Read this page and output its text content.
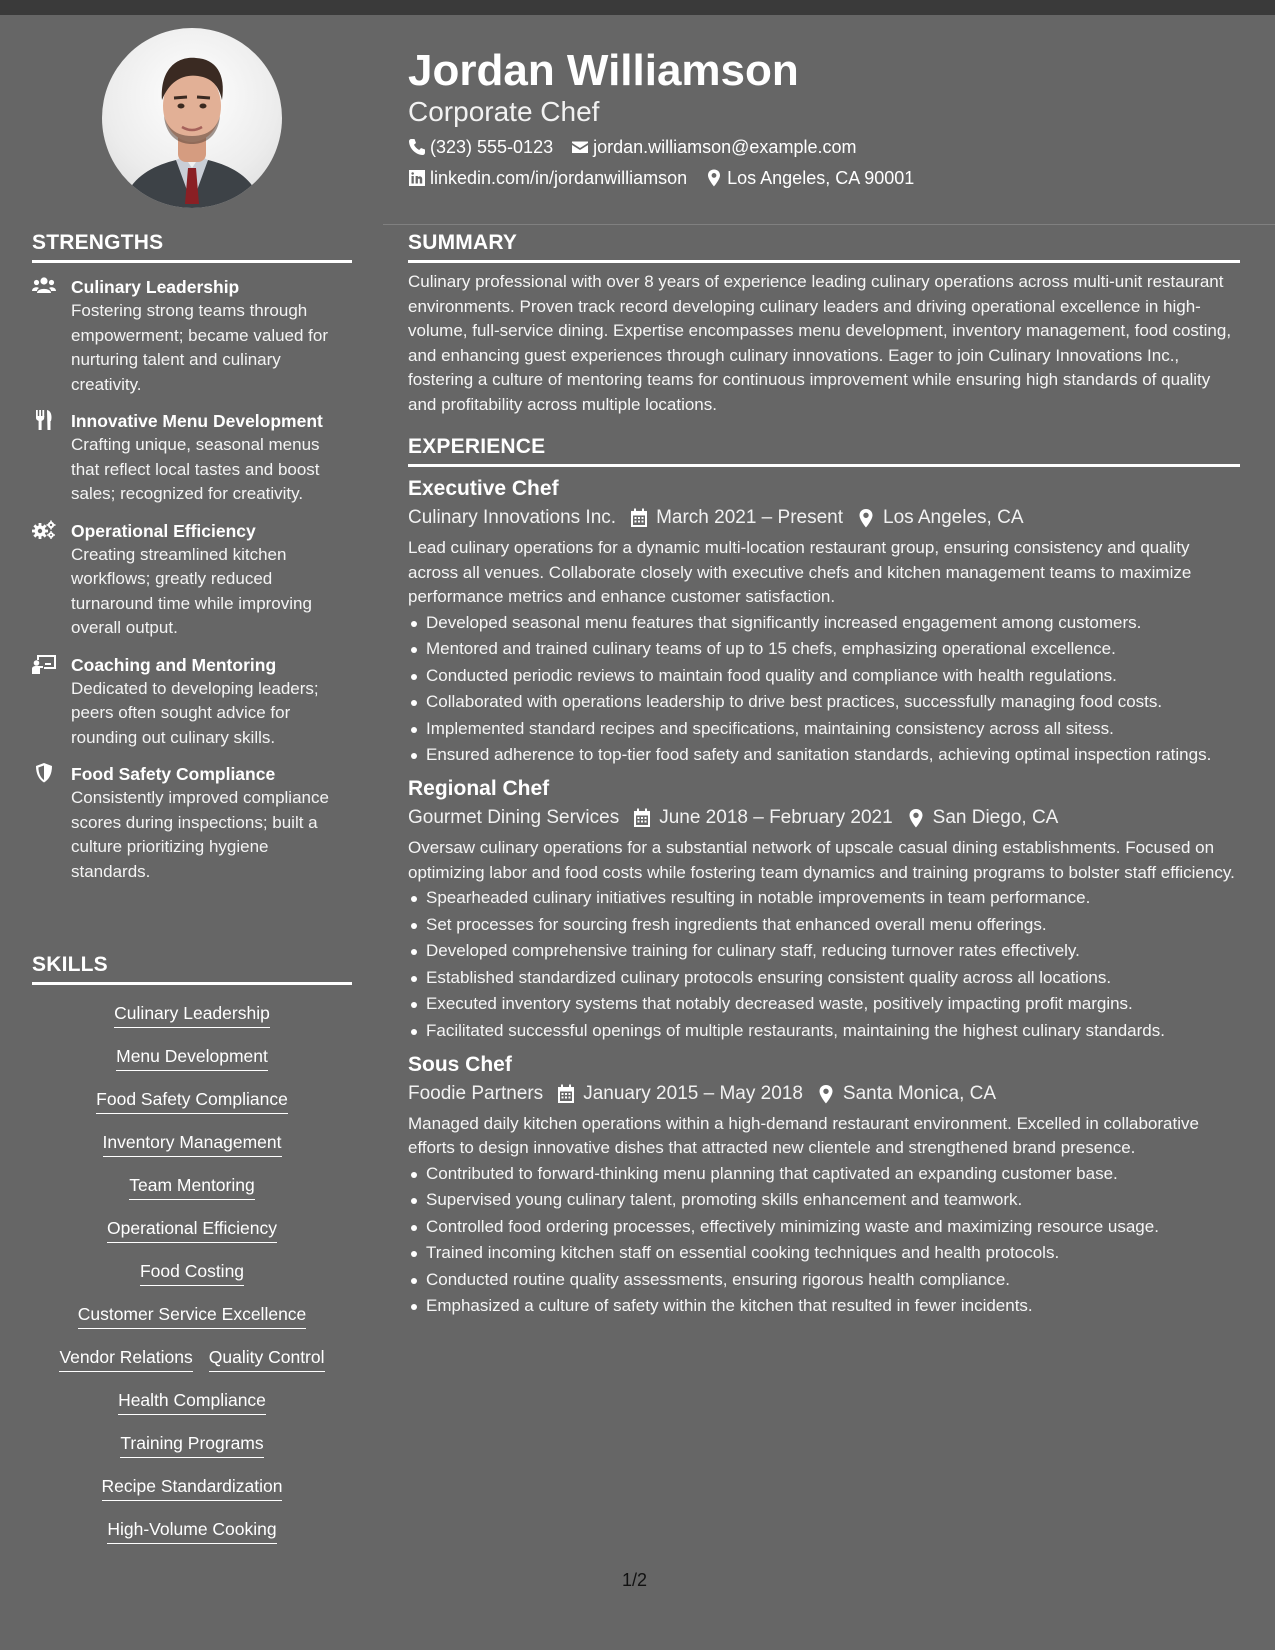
STRENGTHS
Culinary Leadership
Fostering strong teams through empowerment; became valued for nurturing talent and culinary creativity.
Innovative Menu Development
Crafting unique, seasonal menus that reflect local tastes and boost sales; recognized for creativity.
Operational Efficiency
Creating streamlined kitchen workflows; greatly reduced turnaround time while improving overall output.
Coaching and Mentoring
Dedicated to developing leaders; peers often sought advice for rounding out culinary skills.
Food Safety Compliance
Consistently improved compliance scores during inspections; built a culture prioritizing hygiene standards.
SKILLS
Culinary Leadership
Menu Development
Food Safety Compliance
Inventory Management
Team Mentoring
Operational Efficiency
Food Costing
Customer Service Excellence
Vendor Relations Quality Control
Health Compliance
Training Programs
Recipe Standardization
High-Volume Cooking
Jordan Williamson
Corporate Chef
(323) 555-0123 jordan.williamson@example.com
linkedin.com/in/jordanwilliamson Los Angeles, CA 90001
SUMMARY

Culinary professional with over 8 years of experience leading culinary operations across multi-unit restaurant environments. Proven track record developing culinary leaders and driving operational excellence in high-volume, full-service dining. Expertise encompasses menu development, inventory management, food costing, and enhancing guest experiences through culinary innovations. Eager to join Culinary Innovations Inc., fostering a culture of mentoring teams for continuous improvement while ensuring high standards of quality and profitability across multiple locations.

EXPERIENCE
Executive Chef
Culinary Innovations Inc. March 2021 – Present Los Angeles, CA
Lead culinary operations for a dynamic multi-location restaurant group, ensuring consistency and quality across all venues. Collaborate closely with executive chefs and kitchen management teams to maximize performance metrics and enhance customer satisfaction.
Developed seasonal menu features that significantly increased engagement among customers.
Mentored and trained culinary teams of up to 15 chefs, emphasizing operational excellence.
Conducted periodic reviews to maintain food quality and compliance with health regulations.
Collaborated with operations leadership to drive best practices, successfully managing food costs.
Implemented standard recipes and specifications, maintaining consistency across all sitess.
Ensured adherence to top-tier food safety and sanitation standards, achieving optimal inspection ratings.
Regional Chef
Gourmet Dining Services June 2018 – February 2021 San Diego, CA
Oversaw culinary operations for a substantial network of upscale casual dining establishments. Focused on optimizing labor and food costs while fostering team dynamics and training programs to bolster staff efficiency.
Spearheaded culinary initiatives resulting in notable improvements in team performance.
Set processes for sourcing fresh ingredients that enhanced overall menu offerings.
Developed comprehensive training for culinary staff, reducing turnover rates effectively.
Established standardized culinary protocols ensuring consistent quality across all locations.
Executed inventory systems that notably decreased waste, positively impacting profit margins.
Facilitated successful openings of multiple restaurants, maintaining the highest culinary standards.
Sous Chef
Foodie Partners January 2015 – May 2018 Santa Monica, CA
Managed daily kitchen operations within a high-demand restaurant environment. Excelled in collaborative efforts to design innovative dishes that attracted new clientele and strengthened brand presence.
Contributed to forward-thinking menu planning that captivated an expanding customer base.
Supervised young culinary talent, promoting skills enhancement and teamwork.
Controlled food ordering processes, effectively minimizing waste and maximizing resource usage.
Trained incoming kitchen staff on essential cooking techniques and health protocols.
Conducted routine quality assessments, ensuring rigorous health compliance.
Emphasized a culture of safety within the kitchen that resulted in fewer incidents.
1/2
